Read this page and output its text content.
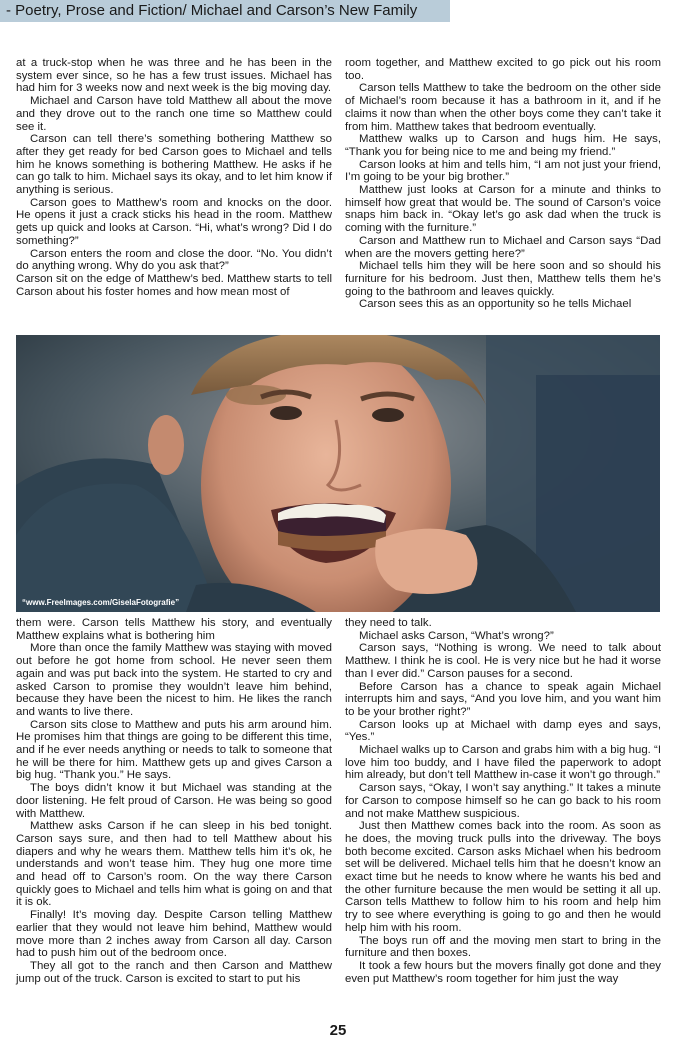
- Poetry, Prose and Fiction/ Michael and Carson’s New Family

at a truck-stop when he was three and he has been in the system ever since, so he has a few trust issues. Michael has had him for 3 weeks now and next week is the big moving day.

Michael and Carson have told Matthew all about the move and they drove out to the ranch one time so Matthew could see it.

Carson can tell there’s something bothering Matthew so after they get ready for bed Carson goes to Michael and tells him he knows something is bothering Matthew. He asks if he can go talk to him. Michael says its okay, and to let him know if anything is serious.

Carson goes to Matthew’s room and knocks on the door. He opens it just a crack sticks his head in the room. Matthew gets up quick and looks at Carson. “Hi, what’s wrong? Did I do something?”

Carson enters the room and close the door. “No. You didn’t do anything wrong. Why do you ask that?”

Carson sit on the edge of Matthew’s bed. Matthew starts to tell Carson about his foster homes and how mean most of

room together, and Matthew excited to go pick out his room too.

Carson tells Matthew to take the bedroom on the other side of Michael’s room because it has a bathroom in it, and if he claims it now than when the other boys come they can’t take it from him. Matthew takes that bedroom eventually.

Matthew walks up to Carson and hugs him. He says, “Thank you for being nice to me and being my friend.”

Carson looks at him and tells him, “I am not just your friend, I’m going to be your big brother.”

Matthew just looks at Carson for a minute and thinks to himself how great that would be. The sound of Carson’s voice snaps him back in. “Okay let’s go ask dad when the truck is coming with the furniture.”

Carson and Matthew run to Michael and Carson says “Dad when are the movers getting here?”

Michael tells him they will be here soon and so should his furniture for his bedroom. Just then, Matthew tells them he’s going to the bathroom and leaves quickly.

Carson sees this as an opportunity so he tells Michael

“www.FreeImages.com/GiselaFotografie”

them were. Carson tells Matthew his story, and eventually Matthew explains what is bothering him

More than once the family Matthew was staying with moved out before he got home from school. He never seen them again and was put back into the system. He started to cry and asked Carson to promise they wouldn’t leave him behind, because they have been the nicest to him. He likes the ranch and wants to live there.

Carson sits close to Matthew and puts his arm around him. He promises him that things are going to be different this time, and if he ever needs anything or needs to talk to someone that he will be there for him. Matthew gets up and gives Carson a big hug. “Thank you.” He says.

The boys didn’t know it but Michael was standing at the door listening. He felt proud of Carson. He was being so good with Matthew.

Matthew asks Carson if he can sleep in his bed tonight. Carson says sure, and then had to tell Matthew about his diapers and why he wears them. Matthew tells him it’s ok, he understands and won’t tease him. They hug one more time and head off to Carson’s room. On the way there Carson quickly goes to Michael and tells him what is going on and that it is ok.

Finally! It’s moving day. Despite Carson telling Matthew earlier that they would not leave him behind, Matthew would move more than 2 inches away from Carson all day. Carson had to push him out of the bedroom once.

They all got to the ranch and then Carson and Matthew jump out of the truck. Carson is excited to start to put his

they need to talk.

Michael asks Carson, “What’s wrong?”

Carson says, “Nothing is wrong. We need to talk about Matthew. I think he is cool. He is very nice but he had it worse than I ever did.” Carson pauses for a second.

Before Carson has a chance to speak again Michael interrupts him and says, “And you love him, and you want him to be your brother right?”

Carson looks up at Michael with damp eyes and says, “Yes.”

Michael walks up to Carson and grabs him with a big hug. “I love him too buddy, and I have filed the paperwork to adopt him already, but don’t tell Matthew in-case it won’t go through.”

Carson says, “Okay, I won’t say anything.” It takes a minute for Carson to compose himself so he can go back to his room and not make Matthew suspicious.

Just then Matthew comes back into the room. As soon as he does, the moving truck pulls into the driveway. The boys both become excited. Carson asks Michael when his bedroom set will be delivered. Michael tells him that he doesn’t know an exact time but he needs to know where he wants his bed and the other furniture because the men would be setting it all up. Carson tells Matthew to follow him to his room and help him try to see where everything is going to go and then he would help him with his room.

The boys run off and the moving men start to bring in the furniture and then boxes.

It took a few hours but the movers finally got done and they even put Matthew’s room together for him just the way

25
